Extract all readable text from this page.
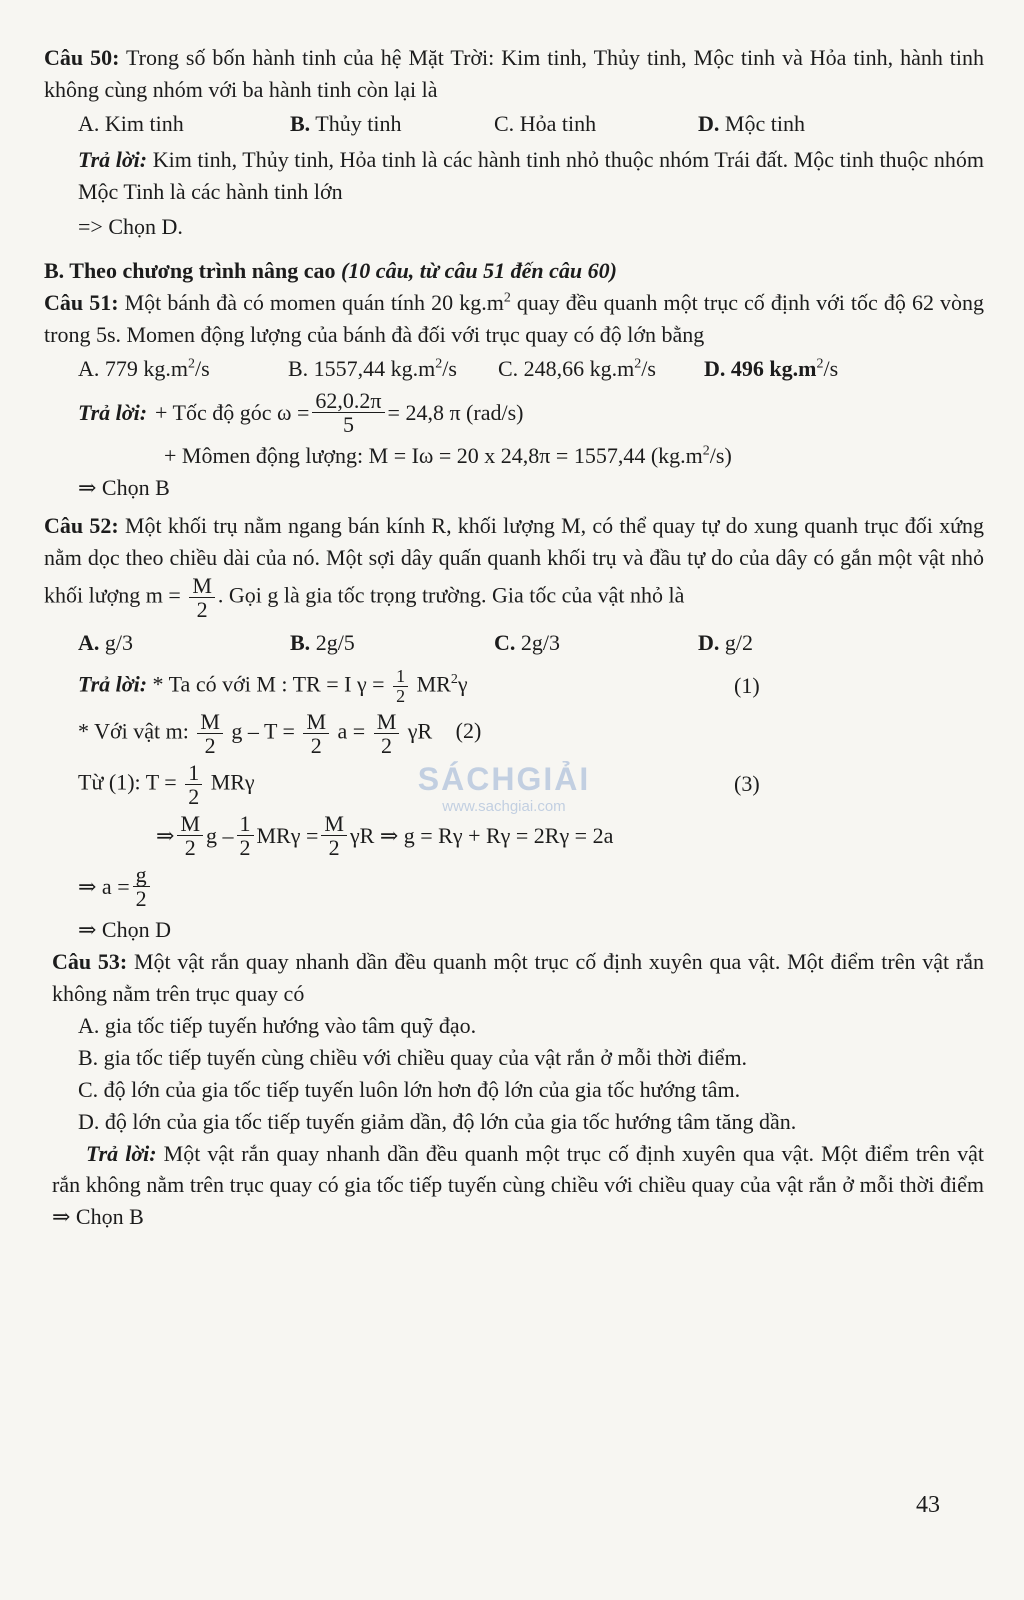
Câu 50: Trong số bốn hành tinh của hệ Mặt Trời: Kim tinh, Thủy tinh, Mộc tinh và Hỏa tinh, hành tinh không cùng nhóm với ba hành tinh còn lại là

A. Kim tinh	B. Thủy tinh	C. Hỏa tinh	D. Mộc tinh

Trả lời: Kim tinh, Thủy tinh, Hỏa tinh là các hành tinh nhỏ thuộc nhóm Trái đất. Mộc tinh thuộc nhóm Mộc Tinh là các hành tinh lớn

=> Chọn D.

B. Theo chương trình nâng cao (10 câu, từ câu 51 đến câu 60)

Câu 51: Một bánh đà có momen quán tính 20 $kg.m^2$ quay đều quanh một trục cố định với tốc độ 62 vòng trong 5s. Momen động lượng của bánh đà đối với trục quay có độ lớn bằng

A. 779 $kg.m^2/s$	B. 1557,44 $kg.m^2/s$	C. 248,66 $kg.m^2/s$	D. 496 $kg.m^2/s$
Trả lời: + Tốc độ góc $\omega = \frac{62,0.2\pi}{5} = 24,8$ π (rad/s)

+ Mômen động lượng: M = Iω = 20 x 24,8π = 1557,44 $(kg.m^2/s)$

⇒ Chọn B

Câu 52: Một khối trụ nằm ngang bán kính R, khối lượng M, có thể quay tự do xung quanh trục đối xứng nằm dọc theo chiều dài của nó. Một sợi dây quấn quanh khối trụ và đầu tự do của dây có gắn một vật nhỏ khối lượng $m = \frac{M}{2}$ . Gọi g là gia tốc trọng trường. Gia tốc của vật nhỏ là

A. g/3	B. 2g/5	C. 2g/3	D. g/2
Trả lời: * Ta có với M : TR = I $\gamma = \frac{1}{2} MR^2\gamma$	(1)
* Với vật m: $\frac{M}{2}$ $g - T = \frac{M}{2}$ $a = \frac{M}{2}$ γR (2)
Từ (1): $T = \frac{1}{2}$ MRγ	(3)
⇒ $\frac{M}{2}$ g – $\frac{1}{2}$ $MR\gamma = \frac{M}{2}$ γR ⇒ g = Rγ + Rγ = 2Rγ = 2a
⇒ $a = \frac{g}{2}$

⇒ Chọn D

Câu 53: Một vật rắn quay nhanh dần đều quanh một trục cố định xuyên qua vật. Một điểm trên vật rắn không nằm trên trục quay có

A. gia tốc tiếp tuyến hướng vào tâm quỹ đạo.

B. gia tốc tiếp tuyến cùng chiều với chiều quay của vật rắn ở mỗi thời điểm.

C. độ lớn của gia tốc tiếp tuyến luôn lớn hơn độ lớn của gia tốc hướng tâm.

D. độ lớn của gia tốc tiếp tuyến giảm dần, độ lớn của gia tốc hướng tâm tăng dần.

Trả lời: Một vật rắn quay nhanh dần đều quanh một trục cố định xuyên qua vật. Một điểm trên vật rắn không nằm trên trục quay có gia tốc tiếp tuyến cùng chiều với chiều quay của vật rắn ở mỗi thời điểm ⇒ Chọn B

SÁCHGIẢI
www.sachgiai.com
43
